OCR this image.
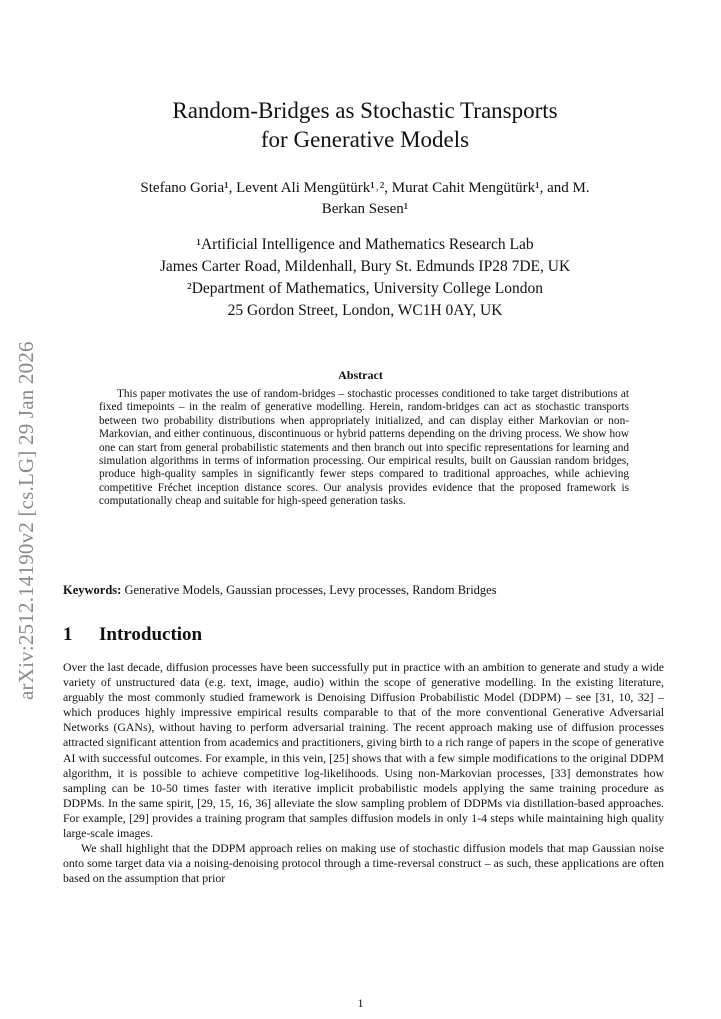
arXiv:2512.14190v2 [cs.LG] 29 Jan 2026
Random-Bridges as Stochastic Transports
for Generative Models
Stefano Goria¹, Levent Ali Mengütürk¹˒², Murat Cahit Mengütürk¹, and M.
Berkan Sesen¹
¹Artificial Intelligence and Mathematics Research Lab
James Carter Road, Mildenhall, Bury St. Edmunds IP28 7DE, UK
²Department of Mathematics, University College London
25 Gordon Street, London, WC1H 0AY, UK
Abstract

This paper motivates the use of random-bridges – stochastic processes conditioned to take target distributions at fixed timepoints – in the realm of generative modelling. Herein, random-bridges can act as stochastic transports between two probability distributions when appropriately initialized, and can display either Markovian or non-Markovian, and either continuous, discontinuous or hybrid patterns depending on the driving process. We show how one can start from general probabilistic statements and then branch out into specific representations for learning and simulation algorithms in terms of information processing. Our empirical results, built on Gaussian random bridges, produce high-quality samples in significantly fewer steps compared to traditional approaches, while achieving competitive Fréchet inception distance scores. Our analysis provides evidence that the proposed framework is computationally cheap and suitable for high-speed generation tasks.

Keywords: Generative Models, Gaussian processes, Levy processes, Random Bridges
1 Introduction

Over the last decade, diffusion processes have been successfully put in practice with an ambition to generate and study a wide variety of unstructured data (e.g. text, image, audio) within the scope of generative modelling. In the existing literature, arguably the most commonly studied framework is Denoising Diffusion Probabilistic Model (DDPM) – see [31, 10, 32] – which produces highly impressive empirical results comparable to that of the more conventional Generative Adversarial Networks (GANs), without having to perform adversarial training. The recent approach making use of diffusion processes attracted significant attention from academics and practitioners, giving birth to a rich range of papers in the scope of generative AI with successful outcomes. For example, in this vein, [25] shows that with a few simple modifications to the original DDPM algorithm, it is possible to achieve competitive log-likelihoods. Using non-Markovian processes, [33] demonstrates how sampling can be 10-50 times faster with iterative implicit probabilistic models applying the same training procedure as DDPMs. In the same spirit, [29, 15, 16, 36] alleviate the slow sampling problem of DDPMs via distillation-based approaches. For example, [29] provides a training program that samples diffusion models in only 1-4 steps while maintaining high quality large-scale images.

We shall highlight that the DDPM approach relies on making use of stochastic diffusion models that map Gaussian noise onto some target data via a noising-denoising protocol through a time-reversal construct – as such, these applications are often based on the assumption that prior

1
